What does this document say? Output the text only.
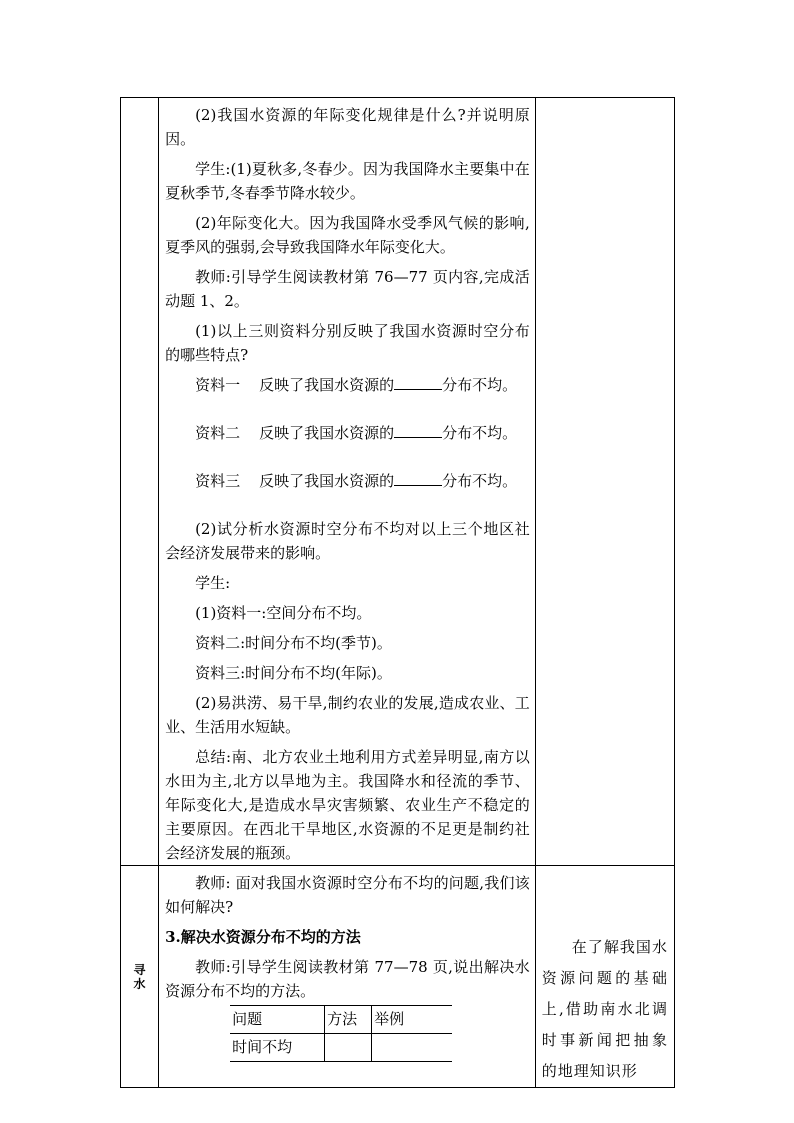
(2)我国水资源的年际变化规律是什么?并说明原因。

学生:(1)夏秋多,冬春少。因为我国降水主要集中在夏秋季节,冬春季节降水较少。

(2)年际变化大。因为我国降水受季风气候的影响,夏季风的强弱,会导致我国降水年际变化大。

教师:引导学生阅读教材第 76—77 页内容,完成活动题 1、2。

(1)以上三则资料分别反映了我国水资源时空分布的哪些特点?

资料一 反映了我国水资源的	分布不均。

资料二 反映了我国水资源的	分布不均。

资料三 反映了我国水资源的	分布不均。

(2)试分析水资源时空分布不均对以上三个地区社会经济发展带来的影响。

学生:

(1)资料一:空间分布不均。

资料二:时间分布不均(季节)。

资料三:时间分布不均(年际)。

(2)易洪涝、易干旱,制约农业的发展,造成农业、工业、生活用水短缺。

总结:南、北方农业土地利用方式差异明显,南方以水田为主,北方以旱地为主。我国降水和径流的季节、年际变化大,是造成水旱灾害频繁、农业生产不稳定的主要原因。在西北干旱地区,水资源的不足更是制约社会经济发展的瓶颈。

寻水

教师: 面对我国水资源时空分布不均的问题,我们该如何解决?

3.解决水资源分布不均的方法

教师:引导学生阅读教材第 77—78 页,说出解决水资源分布不均的方法。

问题	方法	举例
时间不均		

在了解我国水资源问题的基础上,借助南水北调时事新闻把抽象的地理知识形
